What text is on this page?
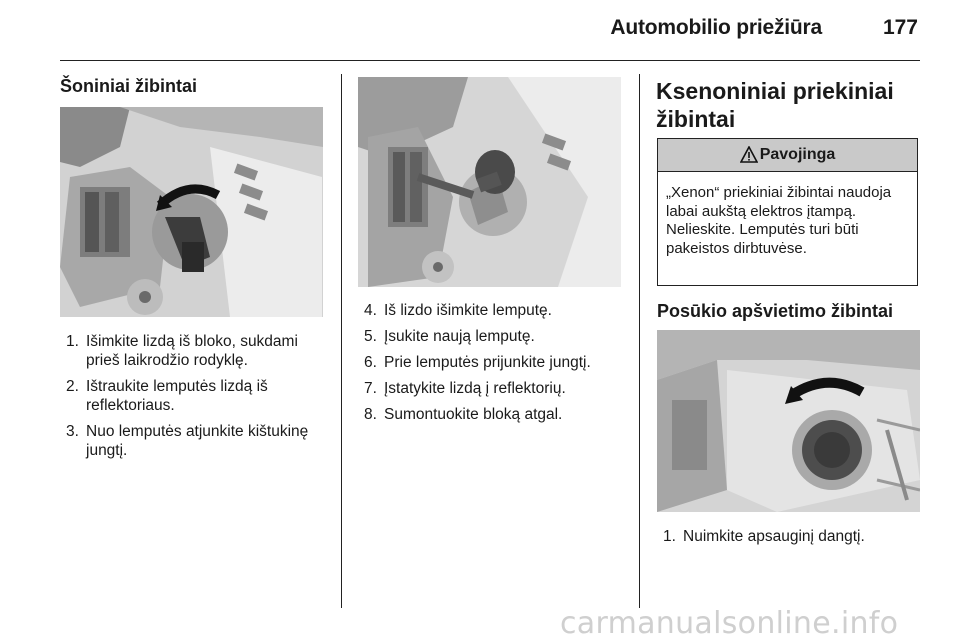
Automobilio priežiūra	177
Šoniniai žibintai
1. Išimkite lizdą iš bloko, sukdami prieš laikrodžio rodyklę.
2. Ištraukite lemputės lizdą iš reflektoriaus.
3. Nuo lemputės atjunkite kištukinę jungtį.
4. Iš lizdo išimkite lemputę.
5. Įsukite naują lemputę.
6. Prie lemputės prijunkite jungtį.
7. Įstatykite lizdą į reflektorių.
8. Sumontuokite bloką atgal.
Ksenoniniai priekiniai žibintai
Pavojinga
„Xenon“ priekiniai žibintai naudoja labai aukštą elektros įtampą. Nelieskite. Lemputės turi būti pakeistos dirbtuvėse.
Posūkio apšvietimo žibintai
1. Nuimkite apsauginį dangtį.
carmanualsonline.info
